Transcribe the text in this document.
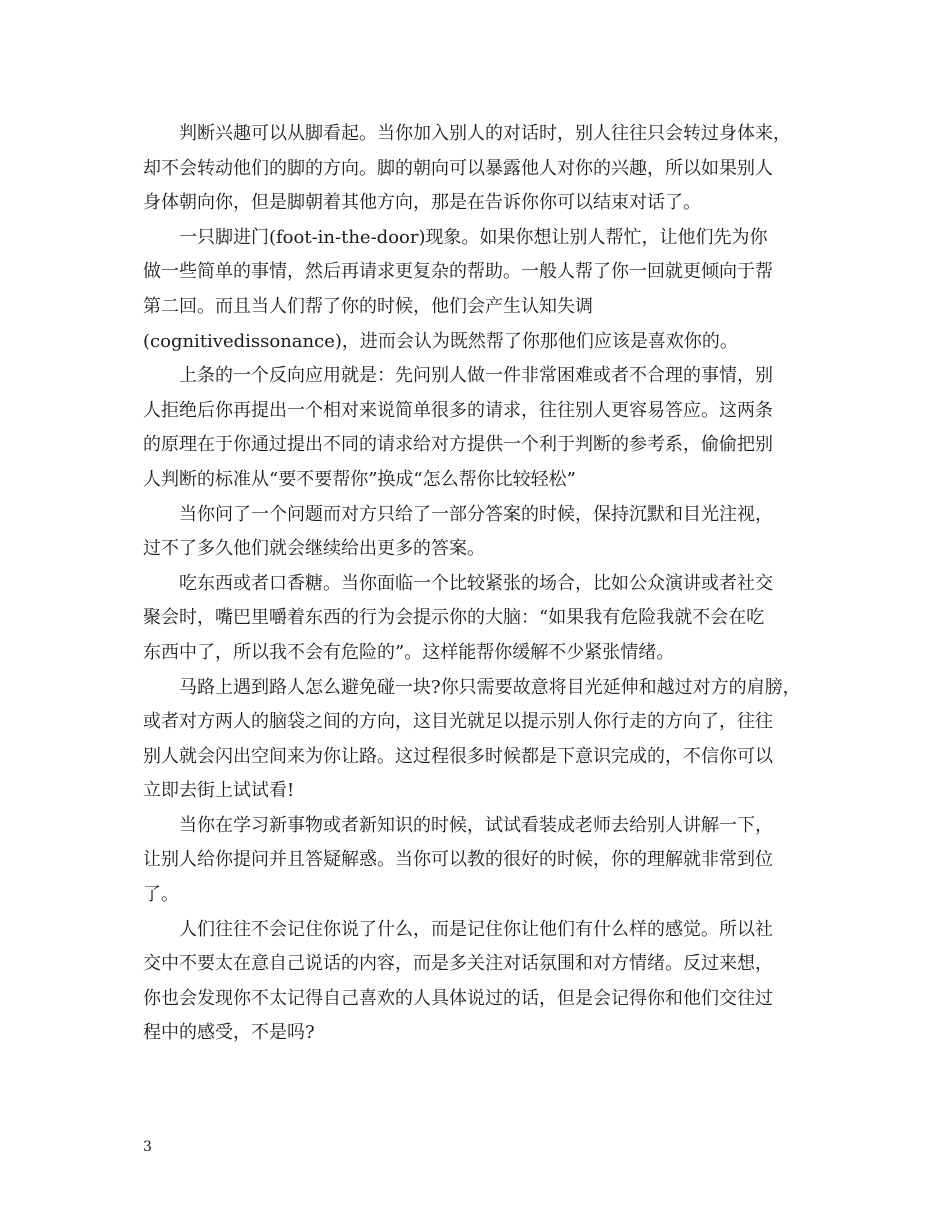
判断兴趣可以从脚看起。当你加入别人的对话时，别人往往只会转过身体来，
却不会转动他们的脚的方向。脚的朝向可以暴露他人对你的兴趣，所以如果别人
身体朝向你，但是脚朝着其他方向，那是在告诉你你可以结束对话了。
一只脚进门(foot-in-the-door)现象。如果你想让别人帮忙，让他们先为你
做一些简单的事情，然后再请求更复杂的帮助。一般人帮了你一回就更倾向于帮
第二回。而且当人们帮了你的时候，他们会产生认知失调
(cognitivedissonance)，进而会认为既然帮了你那他们应该是喜欢你的。
上条的一个反向应用就是：先问别人做一件非常困难或者不合理的事情，别
人拒绝后你再提出一个相对来说简单很多的请求，往往别人更容易答应。这两条
的原理在于你通过提出不同的请求给对方提供一个利于判断的参考系，偷偷把别
人判断的标准从“要不要帮你”换成“怎么帮你比较轻松”
当你问了一个问题而对方只给了一部分答案的时候，保持沉默和目光注视，
过不了多久他们就会继续给出更多的答案。
吃东西或者口香糖。当你面临一个比较紧张的场合，比如公众演讲或者社交
聚会时，嘴巴里嚼着东西的行为会提示你的大脑：“如果我有危险我就不会在吃
东西中了，所以我不会有危险的”。这样能帮你缓解不少紧张情绪。
马路上遇到路人怎么避免碰一块?你只需要故意将目光延伸和越过对方的肩膀，
或者对方两人的脑袋之间的方向，这目光就足以提示别人你行走的方向了，往往
别人就会闪出空间来为你让路。这过程很多时候都是下意识完成的，不信你可以
立即去街上试试看!
当你在学习新事物或者新知识的时候，试试看装成老师去给别人讲解一下，
让别人给你提问并且答疑解惑。当你可以教的很好的时候，你的理解就非常到位
了。
人们往往不会记住你说了什么，而是记住你让他们有什么样的感觉。所以社
交中不要太在意自己说话的内容，而是多关注对话氛围和对方情绪。反过来想，
你也会发现你不太记得自己喜欢的人具体说过的话，但是会记得你和他们交往过
程中的感受，不是吗?
3
